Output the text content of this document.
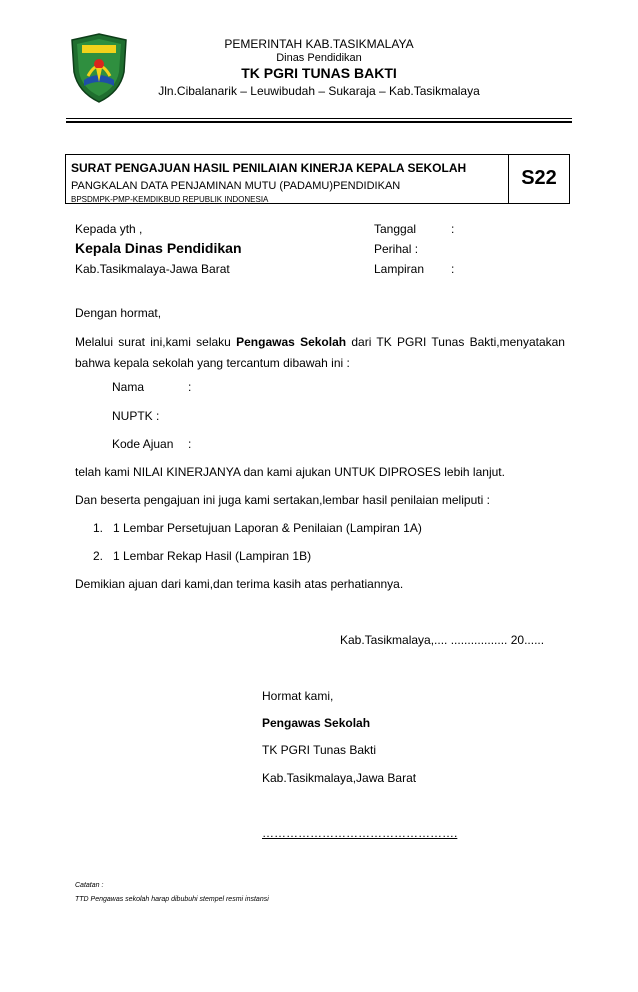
PEMERINTAH KAB.TASIKMALAYA
Dinas Pendidikan
TK PGRI TUNAS BAKTI
Jln.Cibalanarik – Leuwibudah – Sukaraja – Kab.Tasikmalaya
SURAT PENGAJUAN HASIL PENILAIAN KINERJA KEPALA SEKOLAH
PANGKALAN DATA PENJAMINAN MUTU (PADAMU)PENDIDIKAN
BPSDMPK-PMP-KEMDIKBUD REPUBLIK INDONESIA
S22
Kepada yth ,
Kepala Dinas Pendidikan
Kab.Tasikmalaya-Jawa Barat
Tanggal	:
Perihal :
Lampiran :
Dengan hormat,
Melalui surat ini,kami selaku Pengawas Sekolah dari TK PGRI Tunas Bakti,menyatakan bahwa kepala sekolah yang tercantum dibawah ini :
Nama	:
NUPTK :
Kode Ajuan :
telah kami NILAI KINERJANYA dan kami ajukan UNTUK DIPROSES lebih lanjut.
Dan beserta pengajuan ini juga kami sertakan,lembar hasil penilaian meliputi :
1. 1 Lembar Persetujuan Laporan & Penilaian (Lampiran 1A)
2. 1 Lembar Rekap Hasil (Lampiran 1B)
Demikian ajuan dari kami,dan terima kasih atas perhatiannya.
Kab.Tasikmalaya,.... ................. 20......
Hormat kami,
Pengawas Sekolah
TK PGRI Tunas Bakti
Kab.Tasikmalaya,Jawa Barat
………………………………………….
Catatan :
TTD Pengawas sekolah harap dibubuhi stempel resmi instansi
